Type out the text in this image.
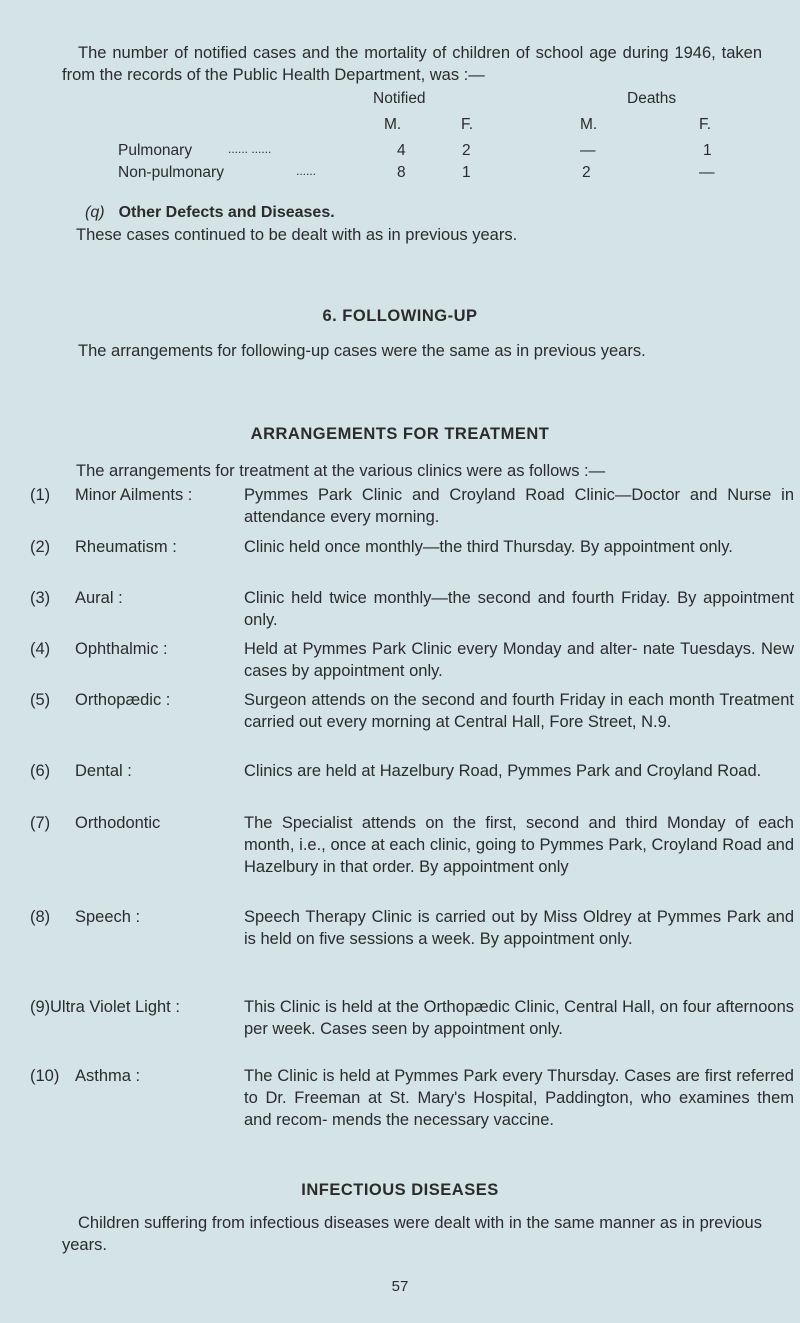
The number of notified cases and the mortality of children of school age during 1946, taken from the records of the Public Health Department, was :—

Notified	Deaths
M.	F.	M.	F.
Pulmonary	...... ......	4	2	—	1
Non-pulmonary	......	8	1	2	—

(q) Other Defects and Diseases.

These cases continued to be dealt with as in previous years.

6. FOLLOWING-UP

The arrangements for following-up cases were the same as in previous years.

ARRANGEMENTS FOR TREATMENT

The arrangements for treatment at the various clinics were as follows :—

(1) Minor Ailments :	Pymmes Park Clinic and Croyland Road Clinic—Doctor and Nurse in attendance every morning.
(2) Rheumatism :	Clinic held once monthly—the third Thursday. By appointment only.
(3) Aural :	Clinic held twice monthly—the second and fourth Friday. By appointment only.
(4) Ophthalmic :	Held at Pymmes Park Clinic every Monday and alter- nate Tuesdays. New cases by appointment only.
(5) Orthopædic :	Surgeon attends on the second and fourth Friday in each month Treatment carried out every morning at Central Hall, Fore Street, N.9.
(6) Dental :	Clinics are held at Hazelbury Road, Pymmes Park and Croyland Road.
(7) Orthodontic	The Specialist attends on the first, second and third Monday of each month, i.e., once at each clinic, going to Pymmes Park, Croyland Road and Hazelbury in that order. By appointment only
(8) Speech :	Speech Therapy Clinic is carried out by Miss Oldrey at Pymmes Park and is held on five sessions a week. By appointment only.
(9) Ultra Violet Light :	This Clinic is held at the Orthopædic Clinic, Central Hall, on four afternoons per week. Cases seen by appointment only.
(10) Asthma :	The Clinic is held at Pymmes Park every Thursday. Cases are first referred to Dr. Freeman at St. Mary's Hospital, Paddington, who examines them and recom- mends the necessary vaccine.
INFECTIOUS DISEASES

Children suffering from infectious diseases were dealt with in the same manner as in previous years.

57
